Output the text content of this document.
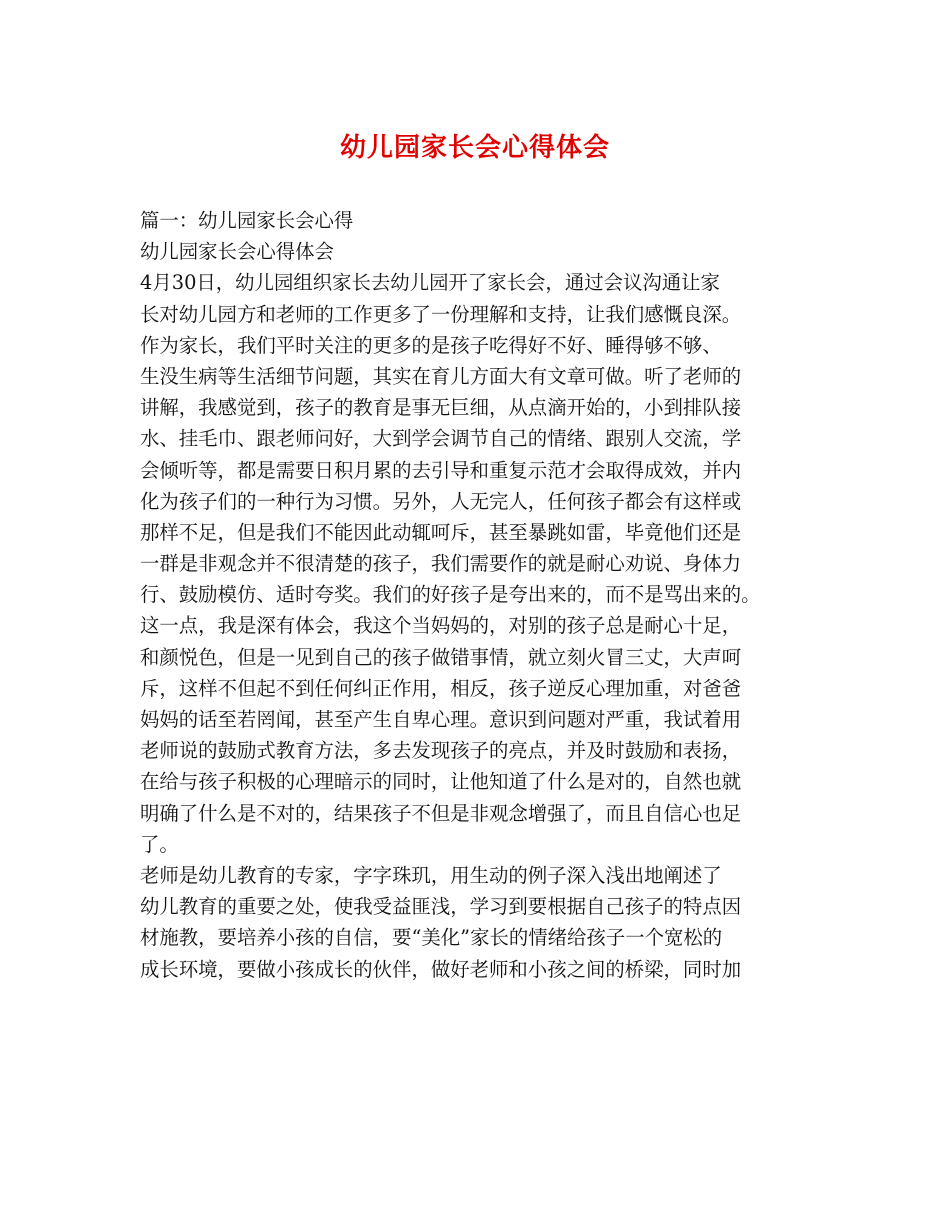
幼儿园家长会心得体会
篇一：幼儿园家长会心得
幼儿园家长会心得体会
4月30日，幼儿园组织家长去幼儿园开了家长会，通过会议沟通让家
长对幼儿园方和老师的工作更多了一份理解和支持，让我们感慨良深。
作为家长，我们平时关注的更多的是孩子吃得好不好、睡得够不够、
生没生病等生活细节问题，其实在育儿方面大有文章可做。听了老师的
讲解，我感觉到，孩子的教育是事无巨细，从点滴开始的，小到排队接
水、挂毛巾、跟老师问好，大到学会调节自己的情绪、跟别人交流，学
会倾听等，都是需要日积月累的去引导和重复示范才会取得成效，并内
化为孩子们的一种行为习惯。另外，人无完人，任何孩子都会有这样或
那样不足，但是我们不能因此动辄呵斥，甚至暴跳如雷，毕竟他们还是
一群是非观念并不很清楚的孩子，我们需要作的就是耐心劝说、身体力
行、鼓励模仿、适时夸奖。我们的好孩子是夸出来的，而不是骂出来的。
这一点，我是深有体会，我这个当妈妈的，对别的孩子总是耐心十足，
和颜悦色，但是一见到自己的孩子做错事情，就立刻火冒三丈，大声呵
斥，这样不但起不到任何纠正作用，相反，孩子逆反心理加重，对爸爸
妈妈的话至若罔闻，甚至产生自卑心理。意识到问题对严重，我试着用
老师说的鼓励式教育方法，多去发现孩子的亮点，并及时鼓励和表扬，
在给与孩子积极的心理暗示的同时，让他知道了什么是对的，自然也就
明确了什么是不对的，结果孩子不但是非观念增强了，而且自信心也足
了。
老师是幼儿教育的专家，字字珠玑，用生动的例子深入浅出地阐述了
幼儿教育的重要之处，使我受益匪浅，学习到要根据自己孩子的特点因
材施教，要培养小孩的自信，要“美化”家长的情绪给孩子一个宽松的
成长环境，要做小孩成长的伙伴，做好老师和小孩之间的桥梁，同时加
